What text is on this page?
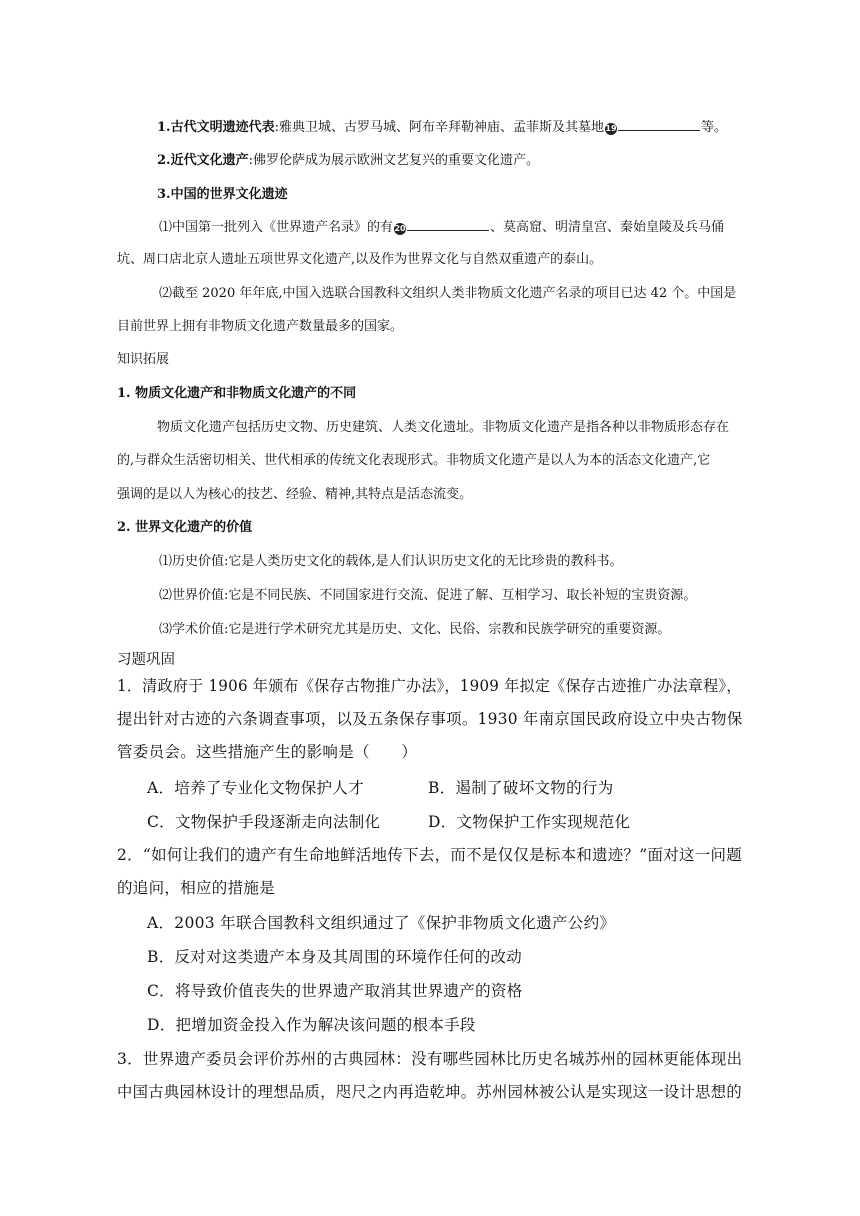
1.古代文明遗迹代表:雅典卫城、古罗马城、阿布辛拜勒神庙、孟菲斯及其墓地19	等。
2.近代文化遗产:佛罗伦萨成为展示欧洲文艺复兴的重要文化遗产。
3.中国的世界文化遗迹
⑴中国第一批列入《世界遗产名录》的有20	、莫高窟、明清皇宫、秦始皇陵及兵马俑
坑、周口店北京人遗址五项世界文化遗产,以及作为世界文化与自然双重遗产的泰山。
⑵截至 2020 年年底,中国入选联合国教科文组织人类非物质文化遗产名录的项目已达 42 个。中国是
目前世界上拥有非物质文化遗产数量最多的国家。
知识拓展
1. 物质文化遗产和非物质文化遗产的不同
物质文化遗产包括历史文物、历史建筑、人类文化遗址。非物质文化遗产是指各种以非物质形态存在
的,与群众生活密切相关、世代相承的传统文化表现形式。非物质文化遗产是以人为本的活态文化遗产,它
强调的是以人为核心的技艺、经验、精神,其特点是活态流变。
2. 世界文化遗产的价值
⑴历史价值:它是人类历史文化的载体,是人们认识历史文化的无比珍贵的教科书。
⑵世界价值:它是不同民族、不同国家进行交流、促进了解、互相学习、取长补短的宝贵资源。
⑶学术价值:它是进行学术研究尤其是历史、文化、民俗、宗教和民族学研究的重要资源。
习题巩固
1．清政府于 1906 年颁布《保存古物推广办法》，1909 年拟定《保存古迹推广办法章程》，
提出针对古迹的六条调查事项，以及五条保存事项。1930 年南京国民政府设立中央古物保
管委员会。这些措施产生的影响是（　　）
A．培养了专业化文物保护人才	B．遏制了破坏文物的行为
C．文物保护手段逐渐走向法制化	D．文物保护工作实现规范化
2．“如何让我们的遗产有生命地鲜活地传下去，而不是仅仅是标本和遗迹？”面对这一问题
的追问，相应的措施是
A．2003 年联合国教科文组织通过了《保护非物质文化遗产公约》
B．反对对这类遗产本身及其周围的环境作任何的改动
C．将导致价值丧失的世界遗产取消其世界遗产的资格
D．把增加资金投入作为解决该问题的根本手段
3．世界遗产委员会评价苏州的古典园林：没有哪些园林比历史名城苏州的园林更能体现出
中国古典园林设计的理想品质，咫尺之内再造乾坤。苏州园林被公认是实现这一设计思想的
